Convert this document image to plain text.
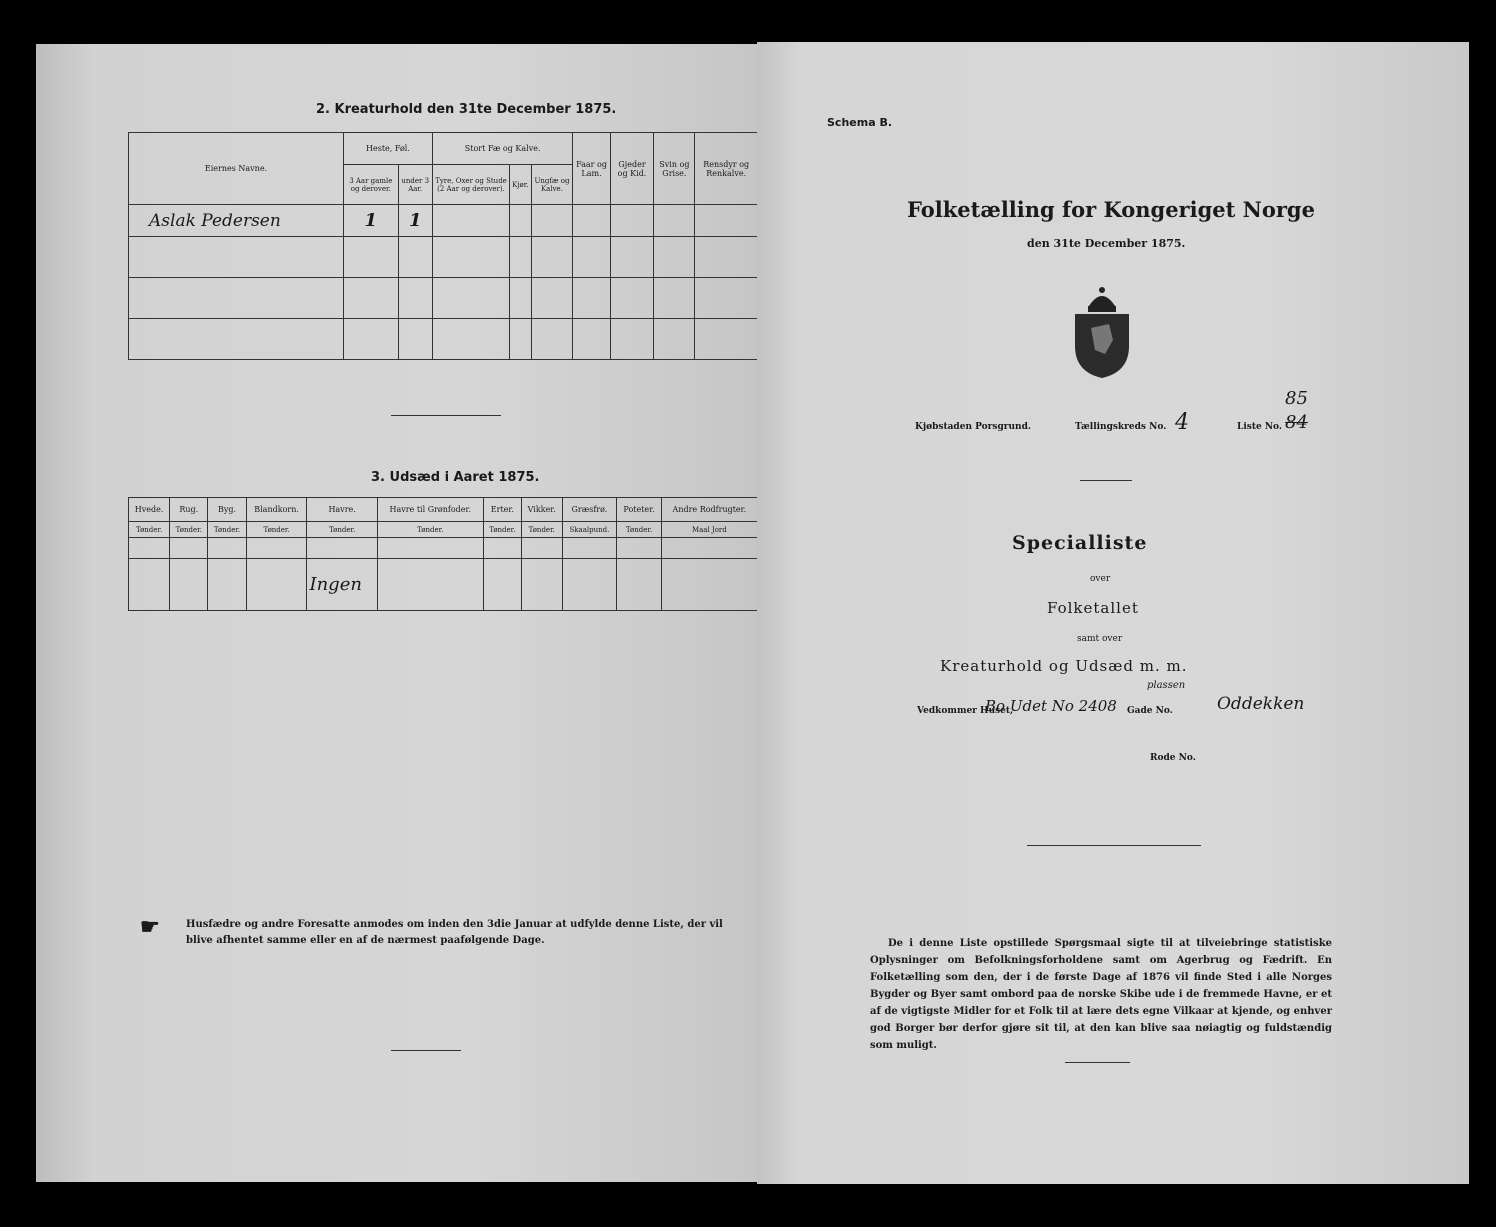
2. Kreaturhold den 31te December 1875.
Eiernes Navne.	Heste, Føl.		Stort Fæ og Kalve.			Faar og Lam.	Gjeder og Kid.	Svin og Grise.	Rensdyr og Renkalve.
	3 Aar gamle og derover.	under 3 Aar.	Tyre, Oxer og Stude (2 Aar og derover).	Kjør.	Ungfæ og Kalve.				
Aslak Pedersen	1	1							

3. Udsæd i Aaret 1875.
Hvede.	Rug.	Byg.	Blandkorn.	Havre.	Havre til Grønfoder.	Erter.	Vikker.	Græsfrø.	Poteter.	Andre Rodfrugter.
Tønder.	Tønder.	Tønder.	Tønder.	Tønder.	Tønder.	Tønder.	Tønder.	Skaalpund.	Tønder.	Maal Jord

				Ingen						
☛	Husfædre og andre Foresatte anmodes om inden den 3die Januar at udfylde denne Liste, der vil blive afhentet samme eller en af de nærmest paafølgende Dage.
Schema B.
Folketælling for Kongeriget Norge
den 31te December 1875.
Kjøbstaden Porsgrund.	Tællingskreds No. 4	Liste No.
85
84
Specialliste
over
Folketallet
samt over
Kreaturhold og Udsæd m. m.
Vedkommer Huset,
Bo Udet No 2408
plassen
Gade No.	Oddekken
Rode No.
De i denne Liste opstillede Spørgsmaal sigte til at tilveiebringe statistiske Oplysninger om Befolkningsforholdene samt om Agerbrug og Fædrift. En Folketælling som den, der i de første Dage af 1876 vil finde Sted i alle Norges Bygder og Byer samt ombord paa de norske Skibe ude i de fremmede Havne, er et af de vigtigste Midler for et Folk til at lære dets egne Vilkaar at kjende, og enhver god Borger bør derfor gjøre sit til, at den kan blive saa nøiagtig og fuldstændig som muligt.
